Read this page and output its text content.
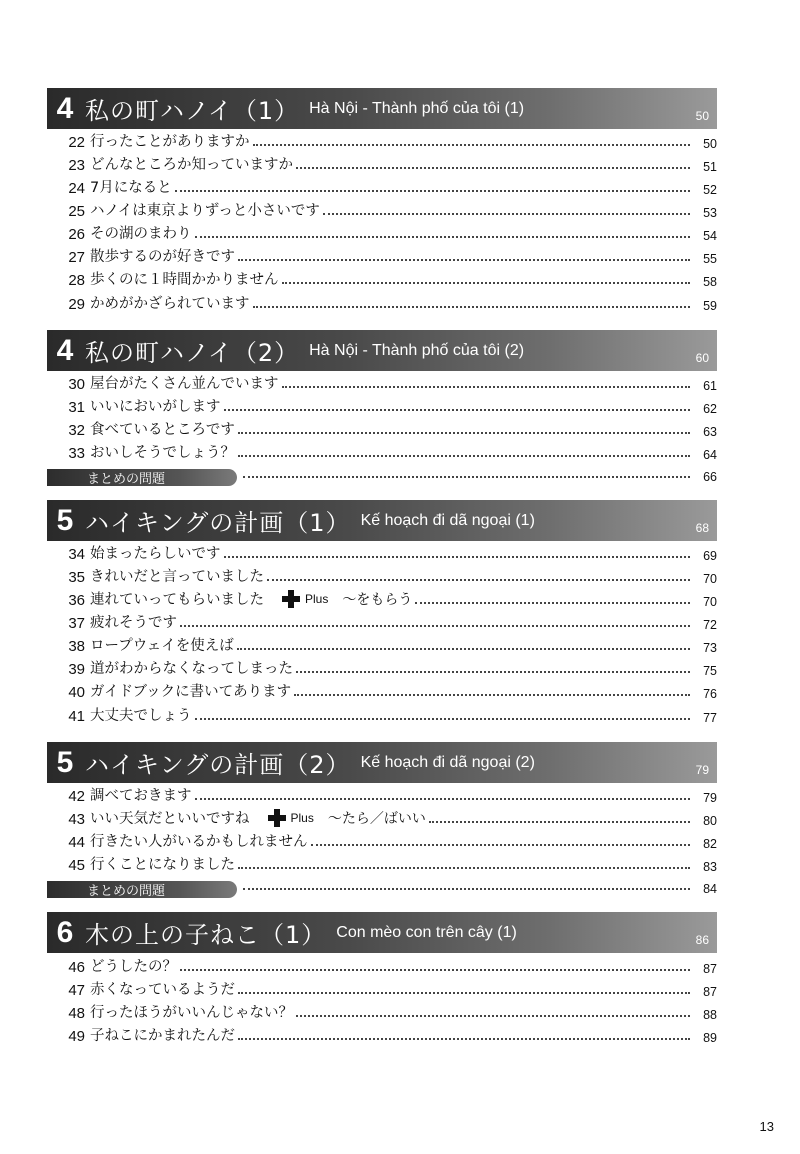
4 私の町ハノイ（1） Hà Nội - Thành phố của tôi (1)	50
22 行ったことがありますか	50
23 どんなところか知っていますか	51
24 7月になると	52
25 ハノイは東京よりずっと小さいです	53
26 その湖のまわり	54
27 散歩するのが好きです	55
28 歩くのに１時間かかりません	58
29 かめがかざられています	59
4 私の町ハノイ（2） Hà Nội - Thành phố của tôi (2)	60
30 屋台がたくさん並んでいます	61
31 いいにおいがします	62
32 食べているところです	63
33 おいしそうでしょう？	64
まとめの問題	66
5 ハイキングの計画（1） Kế hoạch đi dã ngoại (1)	68
34 始まったらしいです	69
35 きれいだと言っていました	70
36 連れていってもらいました	Plus 〜をもらう	70
37 疲れそうです	72
38 ロープウェイを使えば	73
39 道がわからなくなってしまった	75
40 ガイドブックに書いてあります	76
41 大丈夫でしょう	77
5 ハイキングの計画（2） Kế hoạch đi dã ngoại (2)	79
42 調べておきます	79
43 いい天気だといいですね	Plus 〜たら／ばいい	80
44 行きたい人がいるかもしれません	82
45 行くことになりました	83
まとめの問題	84
6 木の上の子ねこ（1） Con mèo con trên cây (1)	86
46 どうしたの？	87
47 赤くなっているようだ	87
48 行ったほうがいいんじゃない？	88
49 子ねこにかまれたんだ	89
13
